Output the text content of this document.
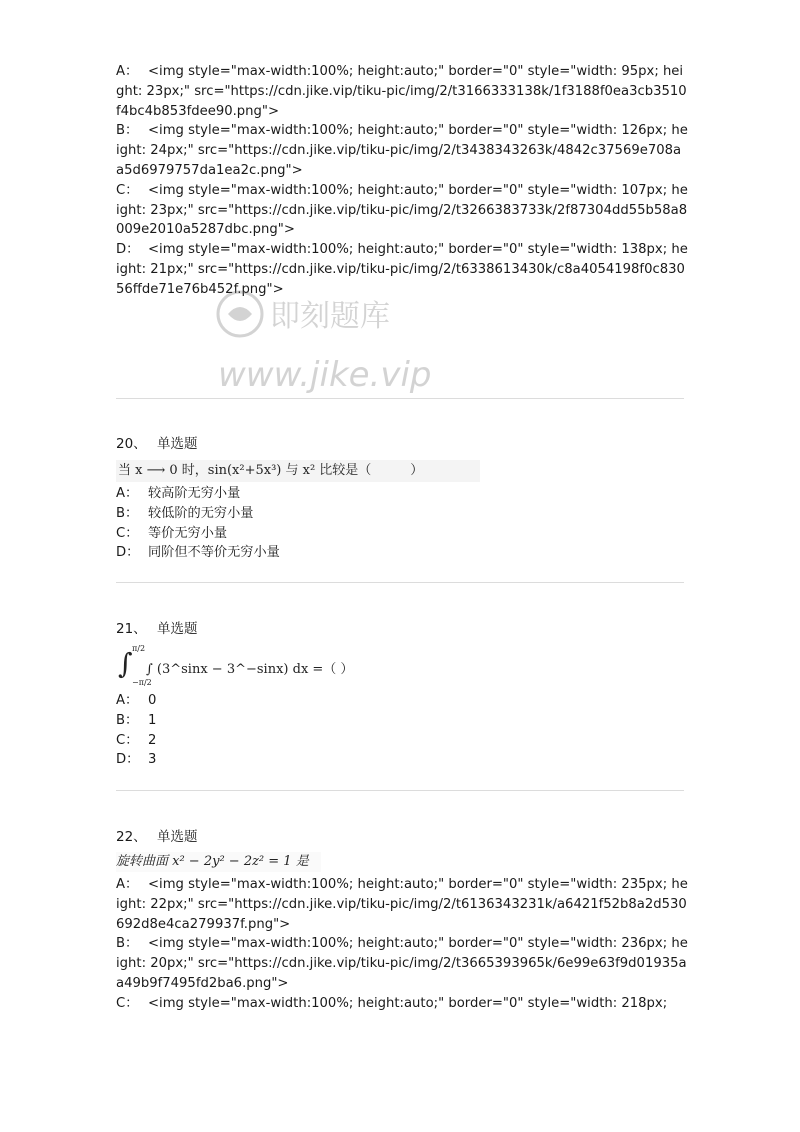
A： <img style="max-width:100%; height:auto;" border="0" style="width: 95px; height: 23px;" src="https://cdn.jike.vip/tiku-pic/img/2/t3166333138k/1f3188f0ea3cb3510f4bc4b853fdee90.png">
B： <img style="max-width:100%; height:auto;" border="0" style="width: 126px; height: 24px;" src="https://cdn.jike.vip/tiku-pic/img/2/t3438343263k/4842c37569e708aa5d6979757da1ea2c.png">
C： <img style="max-width:100%; height:auto;" border="0" style="width: 107px; height: 23px;" src="https://cdn.jike.vip/tiku-pic/img/2/t3266383733k/2f87304dd55b58a8009e2010a5287dbc.png">
D： <img style="max-width:100%; height:auto;" border="0" style="width: 138px; height: 21px;" src="https://cdn.jike.vip/tiku-pic/img/2/t6338613430k/c8a4054198f0c83056ffde71e76b452f.png">
20、 单选题
当 x ⟶ 0 时，sin(x²+5x³) 与 x² 比较是（　　　）
A： 较高阶无穷小量
B： 较低阶的无穷小量
C： 等价无穷小量
D： 同阶但不等价无穷小量
21、 单选题
∫ π/2
−π/2
∫ (3^sinx − 3^−sinx) dx =（ ）
A： 0
B： 1
C： 2
D： 3
22、 单选题
旋转曲面 x² − 2y² − 2z² = 1 是
A： <img style="max-width:100%; height:auto;" border="0" style="width: 235px; height: 22px;" src="https://cdn.jike.vip/tiku-pic/img/2/t6136343231k/a6421f52b8a2d530692d8e4ca279937f.png">
B： <img style="max-width:100%; height:auto;" border="0" style="width: 236px; height: 20px;" src="https://cdn.jike.vip/tiku-pic/img/2/t3665393965k/6e99e63f9d01935aa49b9f7495fd2ba6.png">
C： <img style="max-width:100%; height:auto;" border="0" style="width: 218px;
即刻题库
www.jike.vip
